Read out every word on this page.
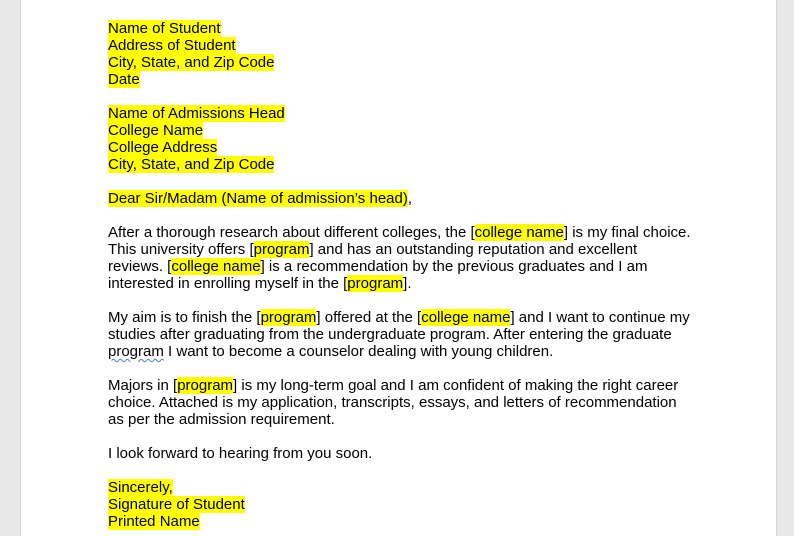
Name of Student
Address of Student
City, State, and Zip Code
Date
Name of Admissions Head
College Name
College Address
City, State, and Zip Code
Dear Sir/Madam (Name of admission’s head),
After a thorough research about different colleges, the [college name] is my final choice.
This university offers [program] and has an outstanding reputation and excellent
reviews. [college name] is a recommendation by the previous graduates and I am
interested in enrolling myself in the [program].
My aim is to finish the [program] offered at the [college name] and I want to continue my
studies after graduating from the undergraduate program. After entering the graduate
program I want to become a counselor dealing with young children.
Majors in [program] is my long-term goal and I am confident of making the right career
choice. Attached is my application, transcripts, essays, and letters of recommendation
as per the admission requirement.
I look forward to hearing from you soon.
Sincerely,
Signature of Student
Printed Name
